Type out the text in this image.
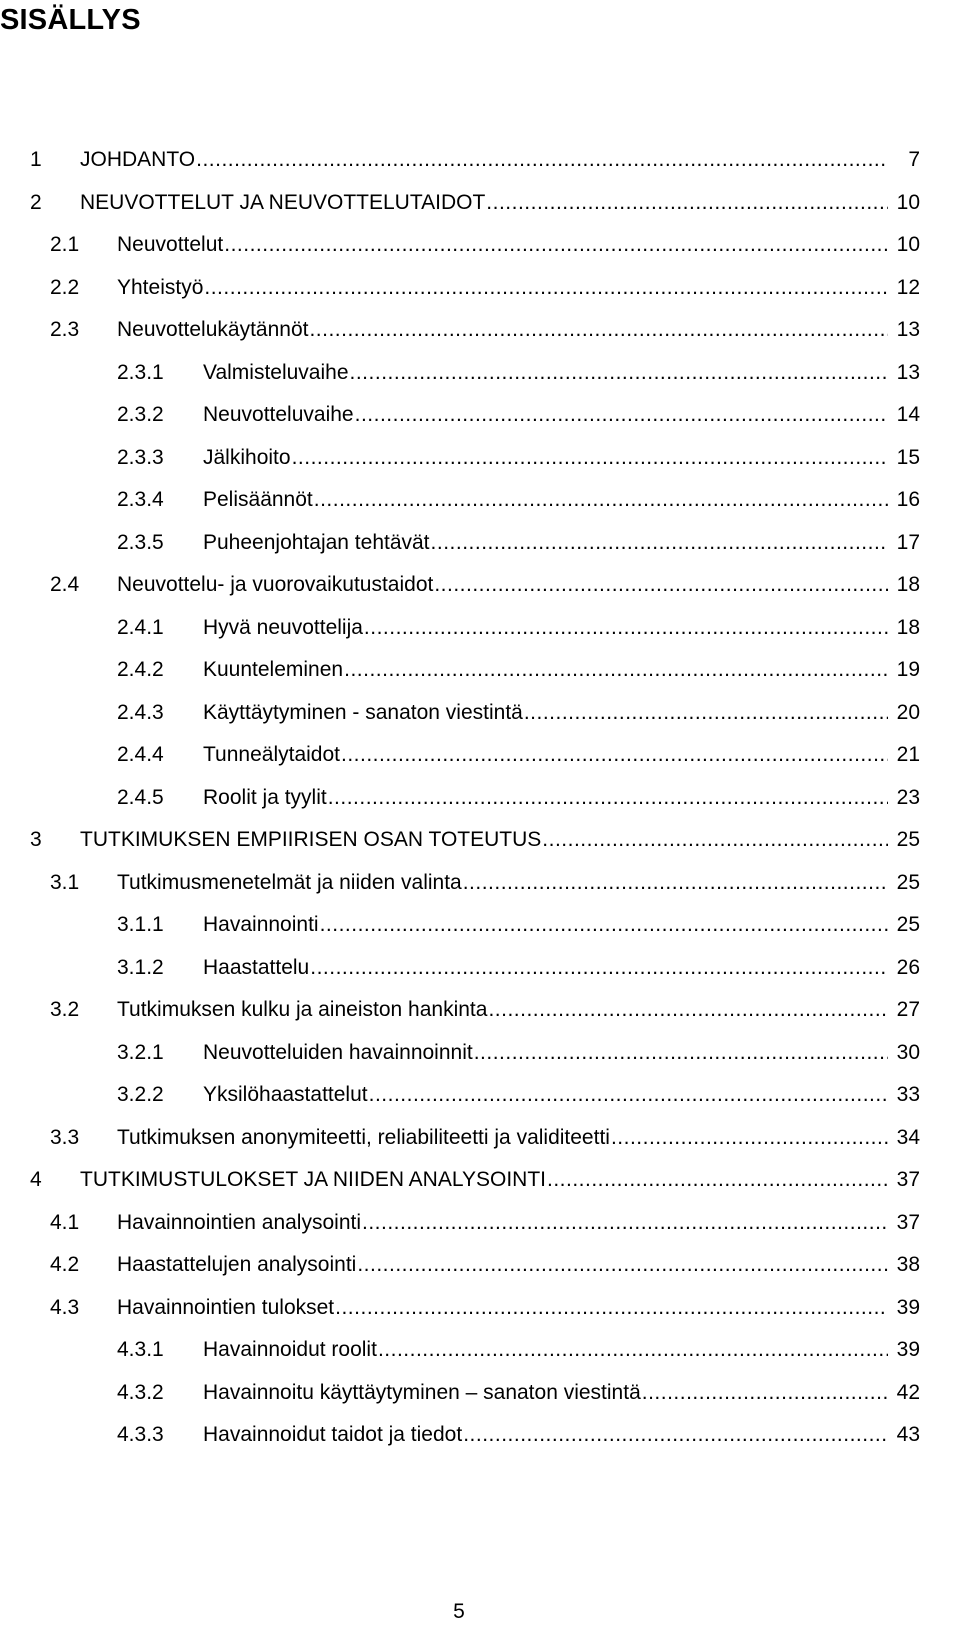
SISÄLLYS
1 JOHDANTO .....	7
2 NEUVOTTELUT JA NEUVOTTELUTAIDOT .....	10
2.1 Neuvottelut .....	10
2.2 Yhteistyö .....	12
2.3 Neuvottelukäytännöt .....	13
2.3.1 Valmisteluvaihe .....	13
2.3.2 Neuvotteluvaihe .....	14
2.3.3 Jälkihoito .....	15
2.3.4 Pelisäännöt .....	16
2.3.5 Puheenjohtajan tehtävät .....	17
2.4 Neuvottelu- ja vuorovaikutustaidot .....	18
2.4.1 Hyvä neuvottelija .....	18
2.4.2 Kuunteleminen .....	19
2.4.3 Käyttäytyminen - sanaton viestintä .....	20
2.4.4 Tunneälytaidot .....	21
2.4.5 Roolit ja tyylit .....	23
3 TUTKIMUKSEN EMPIIRISEN OSAN TOTEUTUS .....	25
3.1 Tutkimusmenetelmät ja niiden valinta .....	25
3.1.1 Havainnointi .....	25
3.1.2 Haastattelu .....	26
3.2 Tutkimuksen kulku ja aineiston hankinta .....	27
3.2.1 Neuvotteluiden havainnoinnit .....	30
3.2.2 Yksilöhaastattelut .....	33
3.3 Tutkimuksen anonymiteetti, reliabiliteetti ja validiteetti .....	34
4 TUTKIMUSTULOKSET JA NIIDEN ANALYSOINTI .....	37
4.1 Havainnointien analysointi .....	37
4.2 Haastattelujen analysointi .....	38
4.3 Havainnointien tulokset .....	39
4.3.1 Havainnoidut roolit .....	39
4.3.2 Havainnoitu käyttäytyminen – sanaton viestintä .....	42
4.3.3 Havainnoidut taidot ja tiedot .....	43
5
